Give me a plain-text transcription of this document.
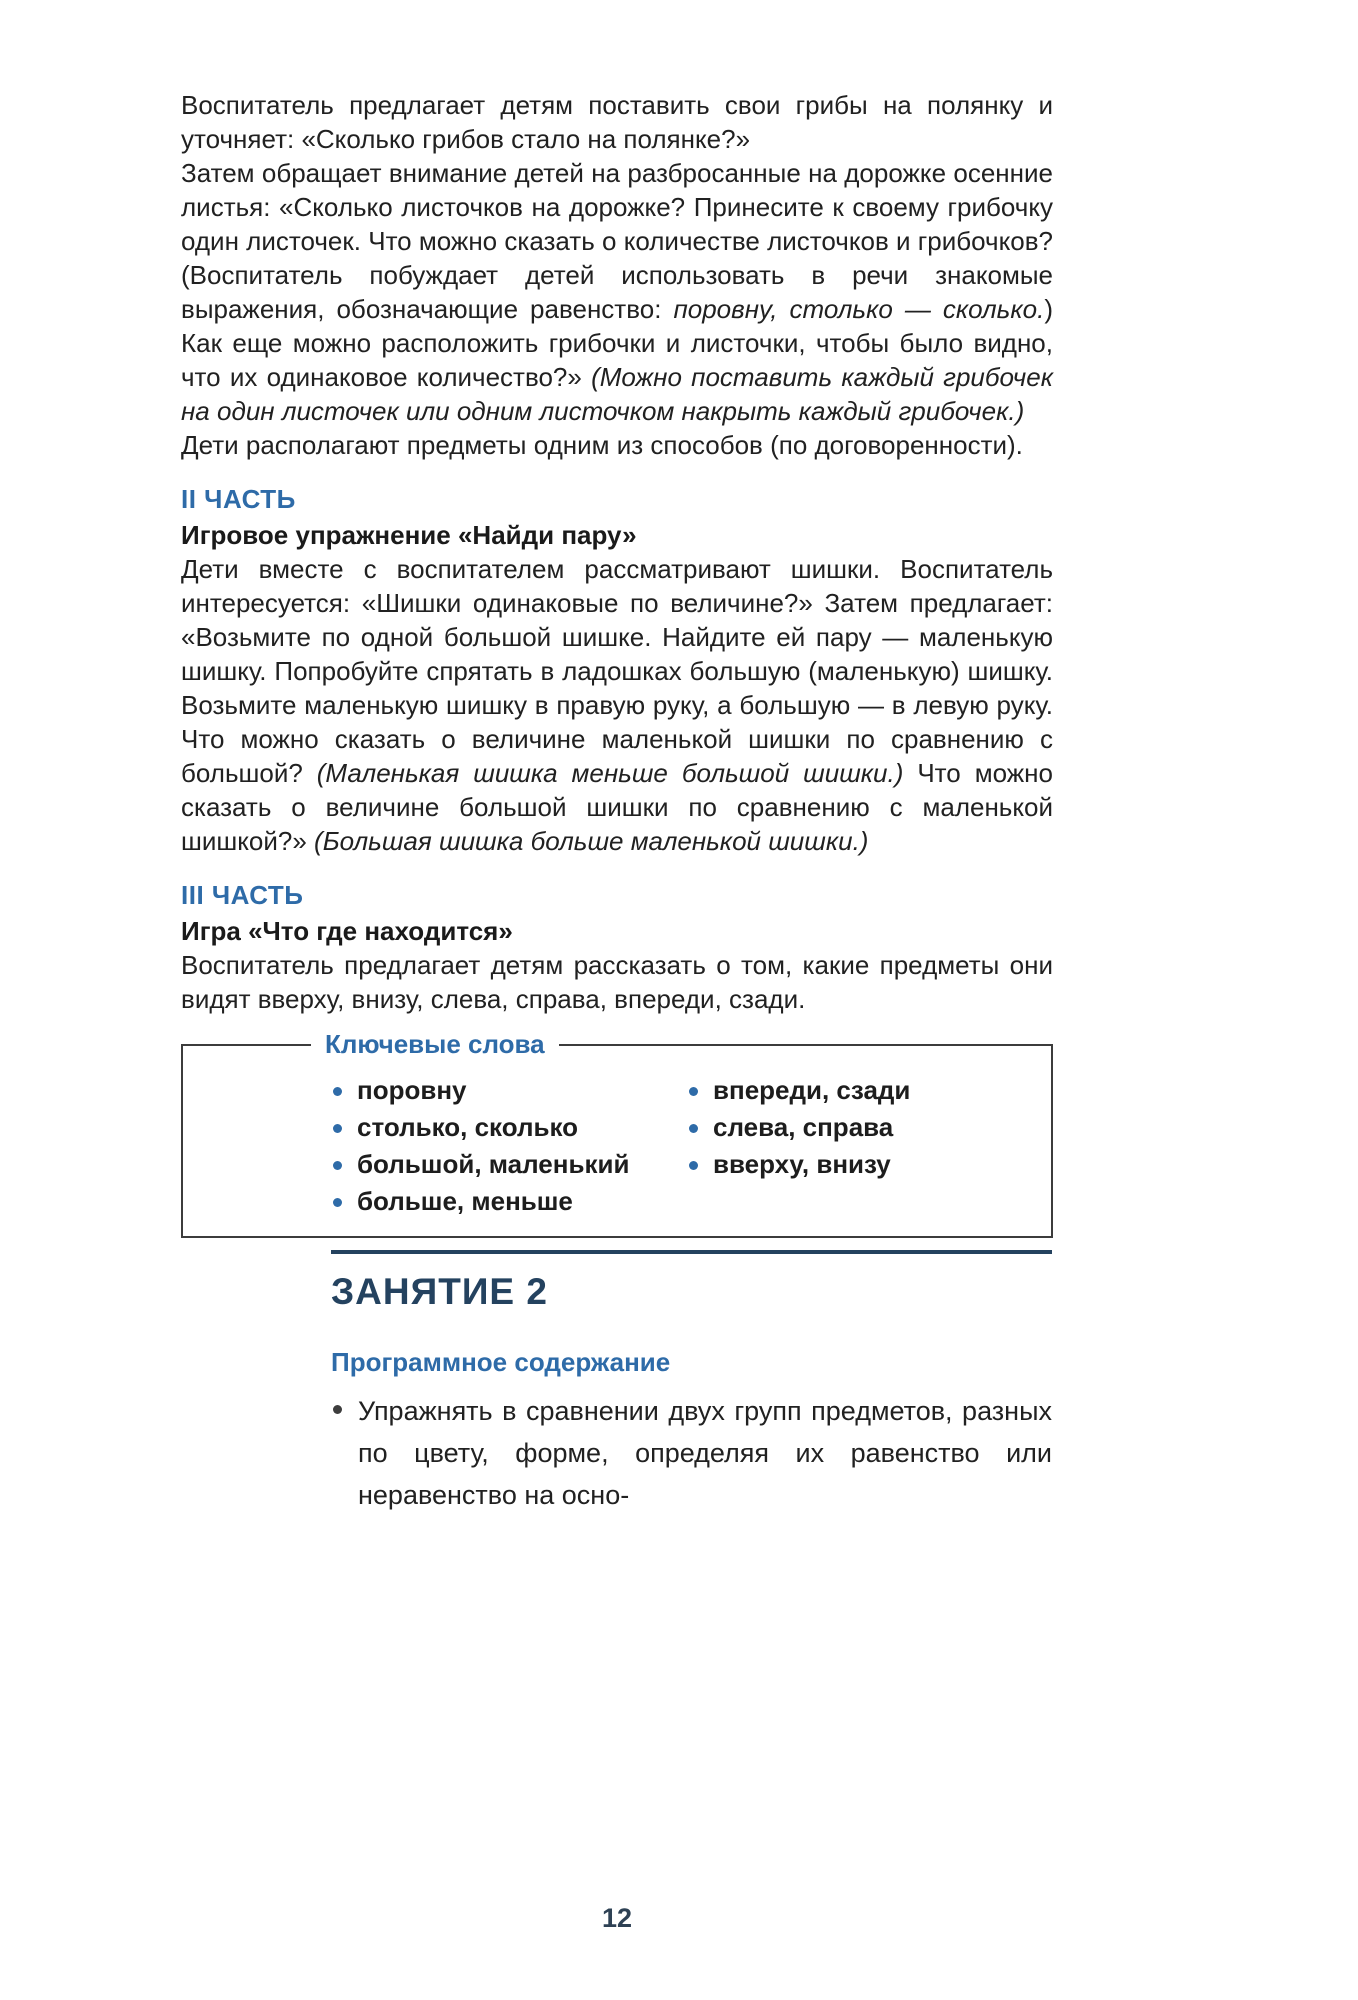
Воспитатель предлагает детям поставить свои грибы на полянку и уточняет: «Сколько грибов стало на полянке?»

Затем обращает внимание детей на разбросанные на дорожке осенние листья: «Сколько листочков на дорожке? Принесите к своему грибочку один листочек. Что можно сказать о количестве листочков и грибочков? (Воспитатель побуждает детей использовать в речи знакомые выражения, обозначающие равенство: поровну, столько — сколько.) Как еще можно расположить грибочки и листочки, чтобы было видно, что их одинаковое количество?» (Можно поставить каждый грибочек на один листочек или одним листочком накрыть каждый грибочек.)

Дети располагают предметы одним из способов (по договоренности).

II ЧАСТЬ

Игровое упражнение «Найди пару»

Дети вместе с воспитателем рассматривают шишки. Воспитатель интересуется: «Шишки одинаковые по величине?» Затем предлагает: «Возьмите по одной большой шишке. Найдите ей пару — маленькую шишку. Попробуйте спрятать в ладошках большую (маленькую) шишку. Возьмите маленькую шишку в правую руку, а большую — в левую руку. Что можно сказать о величине маленькой шишки по сравнению с большой? (Маленькая шишка меньше большой шишки.) Что можно сказать о величине большой шишки по сравнению с маленькой шишкой?» (Большая шишка больше маленькой шишки.)

III ЧАСТЬ

Игра «Что где находится»

Воспитатель предлагает детям рассказать о том, какие предметы они видят вверху, внизу, слева, справа, впереди, сзади.

Ключевые слова
поровну
столько, сколько
большой, маленький
больше, меньше
впереди, сзади
слева, справа
вверху, внизу
ЗАНЯТИЕ 2
Программное содержание

Упражнять в сравнении двух групп предметов, разных по цвету, форме, определяя их равенство или неравенство на осно-

12
